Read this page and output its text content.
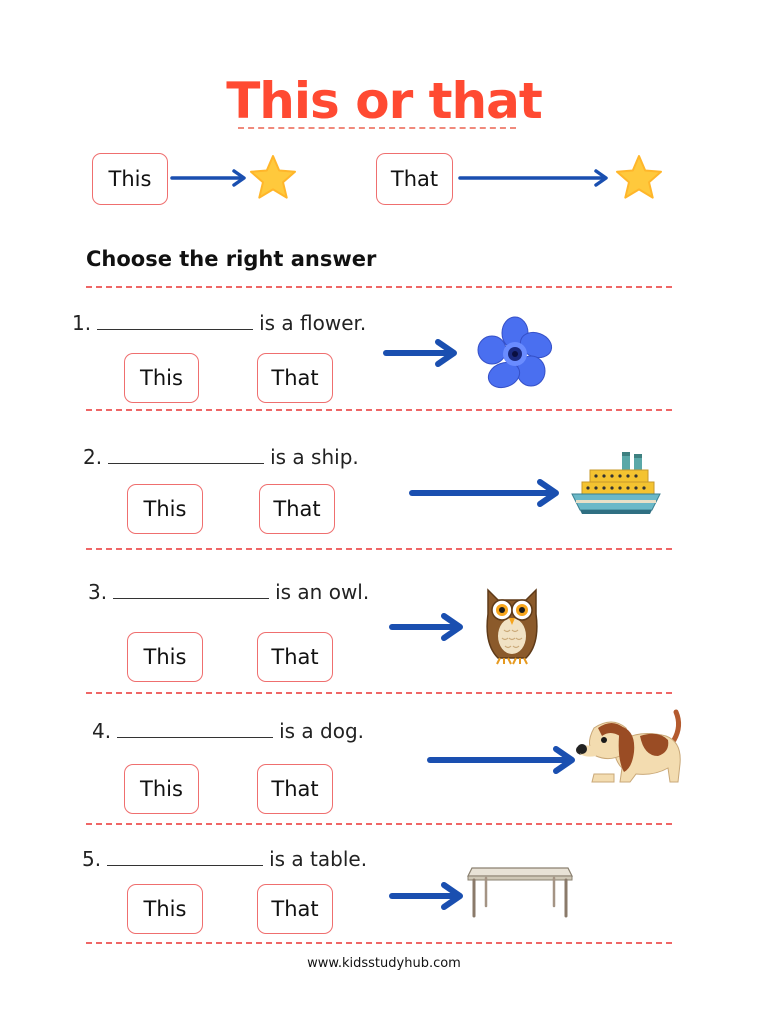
This or that
This	That
Choose the right answer
1.	is a flower.
This	That
2.	is a ship.
This	That
3.	is an owl.
This	That
4.	is a dog.
This	That
5.	is a table.
This	That
www.kidsstudyhub.com
